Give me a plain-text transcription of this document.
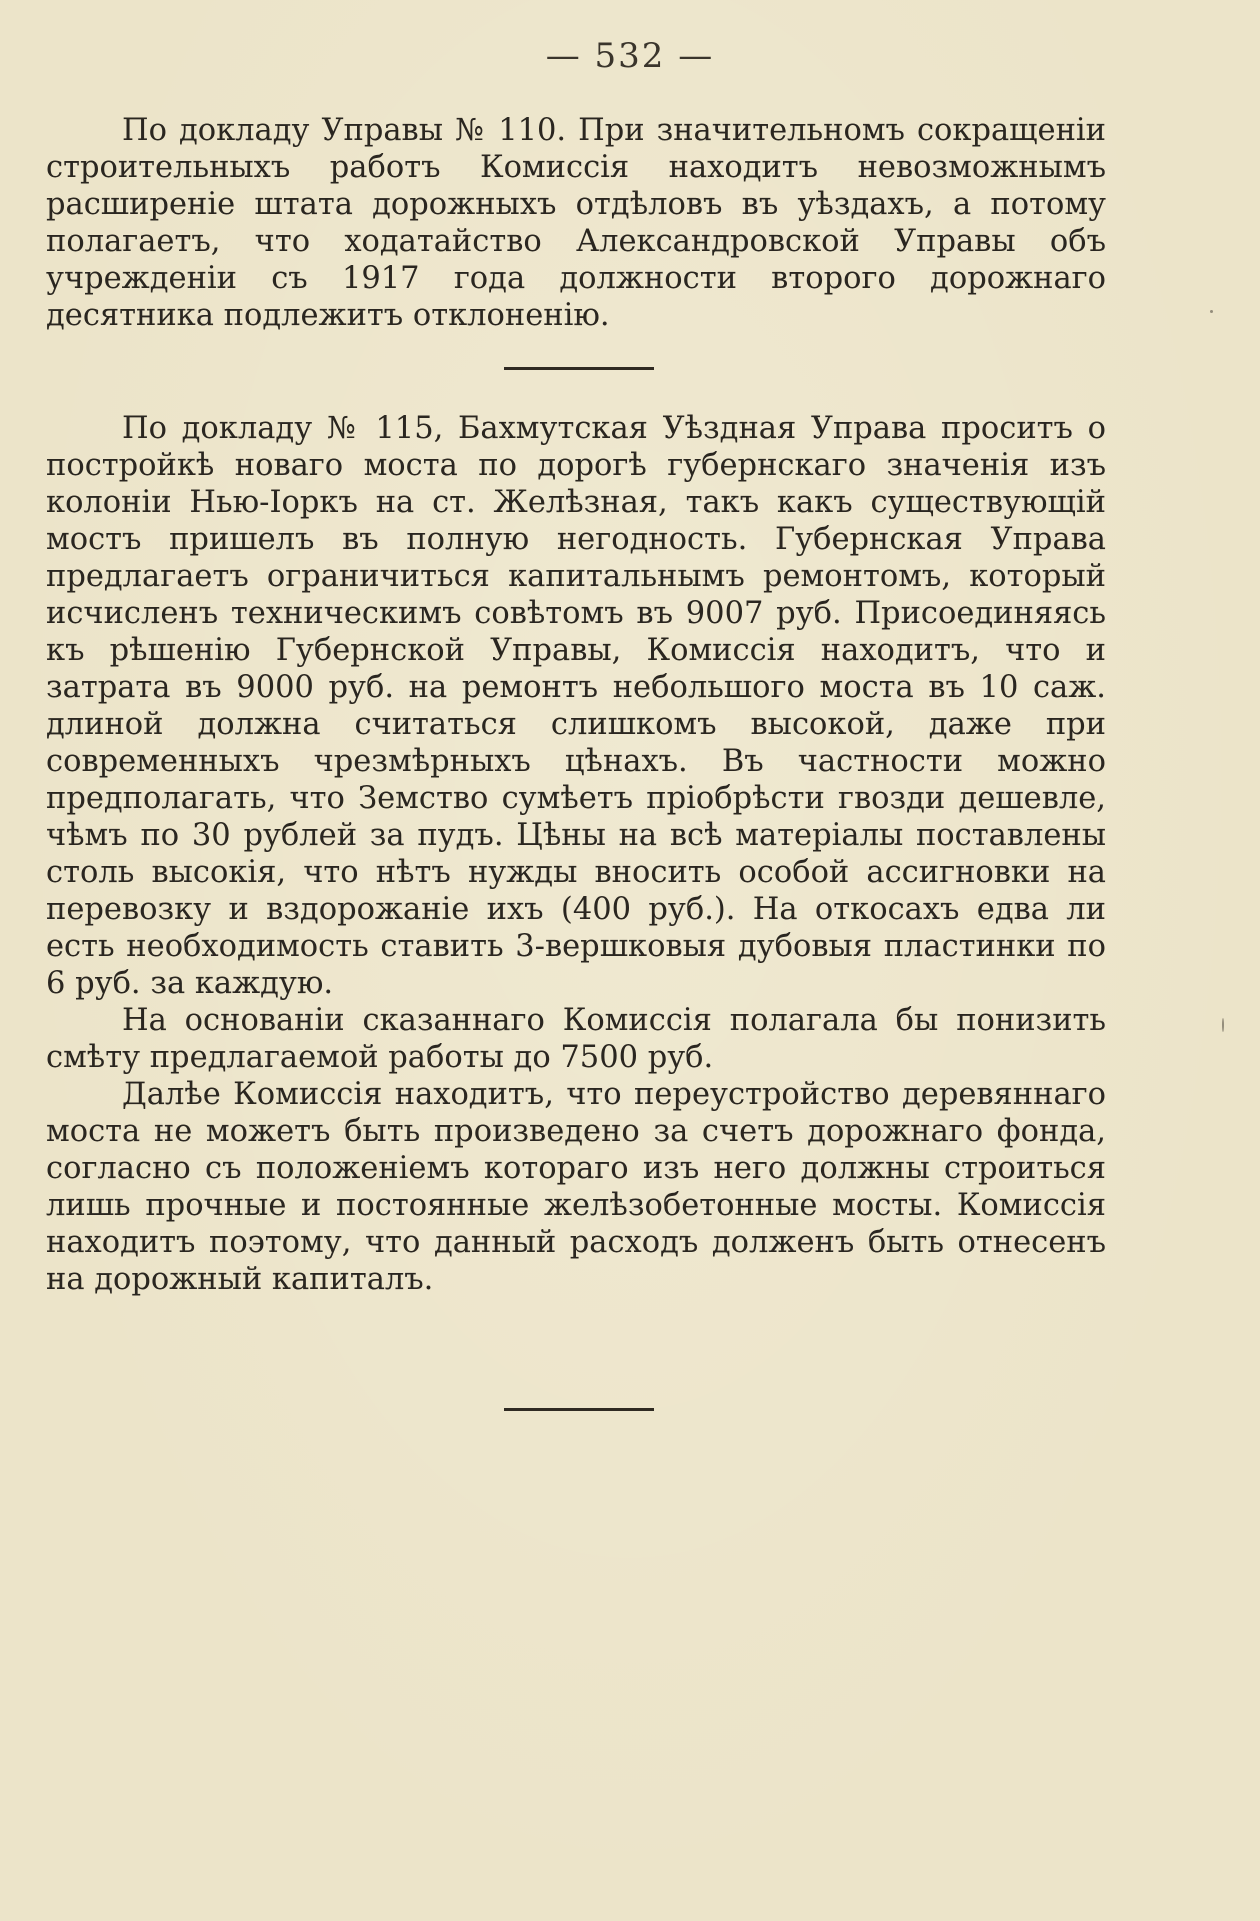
— 532 —

По докладу Управы № 110. При значительномъ сокращеніи строительныхъ работъ Комиссія находитъ невозможнымъ расширеніе штата дорожныхъ отдѣловъ въ уѣздахъ, а потому полагаетъ, что ходатайство Александровской Управы объ учрежденіи съ 1917 года должности второго дорожнаго десятника подлежитъ отклоненію.

По докладу № 115, Бахмутская Уѣздная Управа проситъ о постройкѣ новаго моста по дорогѣ губернскаго значенія изъ колоніи Нью-Іоркъ на ст. Желѣзная, такъ какъ существующій мостъ пришелъ въ полную негодность. Губернская Управа предлагаетъ ограничиться капитальнымъ ремонтомъ, который исчисленъ техническимъ совѣтомъ въ 9007 руб. Присоединяясь къ рѣшенію Губернской Управы, Комиссія находитъ, что и затрата въ 9000 руб. на ремонтъ небольшого моста въ 10 саж. длиной должна считаться слишкомъ высокой, даже при современныхъ чрезмѣрныхъ цѣнахъ. Въ частности можно предполагать, что Земство сумѣетъ пріобрѣсти гвозди дешевле, чѣмъ по 30 рублей за пудъ. Цѣны на всѣ матеріалы поставлены столь высокія, что нѣтъ нужды вносить особой ассигновки на перевозку и вздорожаніе ихъ (400 руб.). На откосахъ едва ли есть необходимость ставить 3-вершковыя дубовыя пластинки по 6 руб. за каждую.

На основаніи сказаннаго Комиссія полагала бы понизить смѣту предлагаемой работы до 7500 руб.

Далѣе Комиссія находитъ, что переустройство деревяннаго моста не можетъ быть произведено за счетъ дорожнаго фонда, согласно съ положеніемъ котораго изъ него должны строиться лишь прочные и постоянные желѣзобетонные мосты. Комиссія находитъ поэтому, что данный расходъ долженъ быть отнесенъ на дорожный капиталъ.
